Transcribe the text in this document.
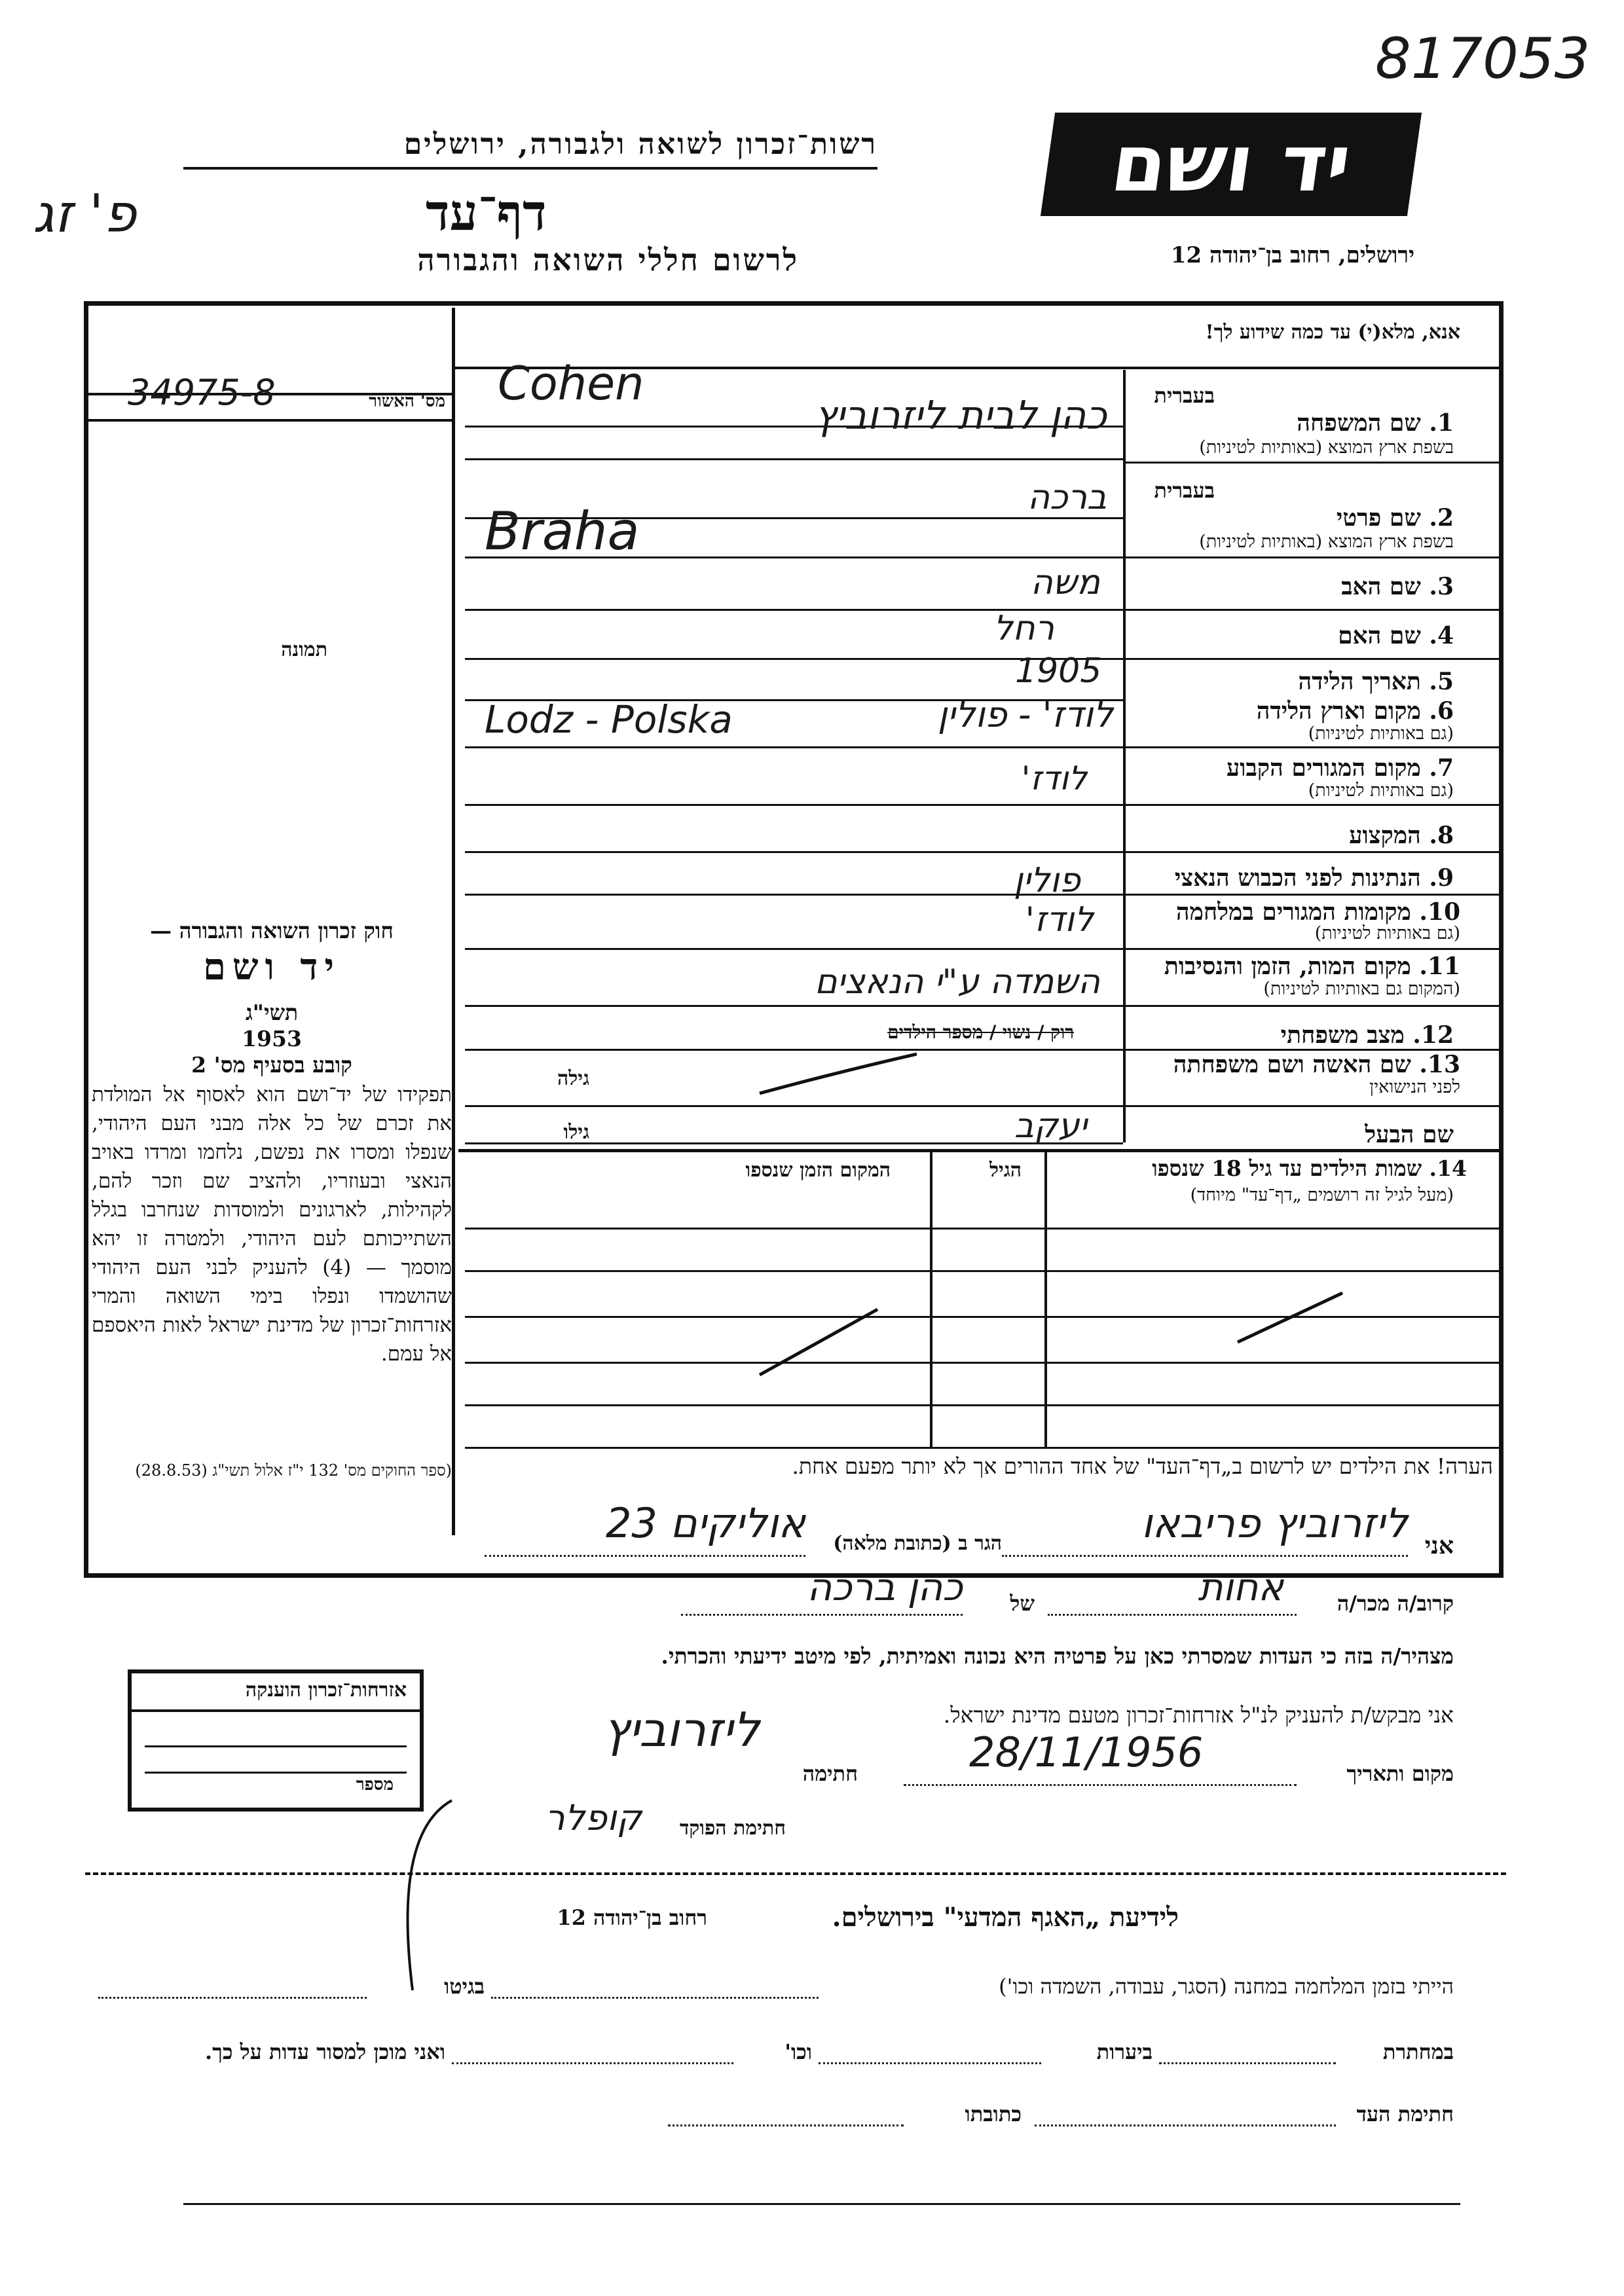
817053
פ' זג
רשות־זכרון לשואה ולגבורה, ירושלים
דף־עד
לרשום חללי השואה והגבורה
יד ושם
ירושלים, רחוב בן־יהודה 12
אנא, מלא(י) עד כמה שידוע לך!
מס' האשור
34975-8
תמונה
בעברית
1. שם המשפחה
בשפת ארץ המוצא (באותיות לטיניות)
בעברית
2. שם פרטי
בשפת ארץ המוצא (באותיות לטיניות)
3. שם האב
4. שם האם
5. תאריך הלידה
6. מקום וארץ הלידה
(גם באותיות לטיניות)
7. מקום המגורים הקבוע
(גם באותיות לטיניות)
8. המקצוע
9. הנתינות לפני הכבוש הנאצי
10. מקומות המגורים במלחמה
(גם באותיות לטיניות)
11. מקום המות, הזמן והנסיבות
(המקום גם באותיות לטיניות)
12. מצב משפחתי
13. שם האשה ושם משפחתה
לפני הנישואין
שם הבעל
Cohen
כהן לבית ליזרוביץ
ברכה
Braha
משה
רחל
1905
Lodz - Polska	לודז' - פולין
לודז'
פולין
לודז'
השמדה ע"י הנאצים
יעקב
רוק / נשוי / מספר הילדים
גילה
גילו
14. שמות הילדים עד גיל 18 שנספו
(מעל לגיל זה רושמים „דף־עד" מיוחד)
הגיל
המקום הזמן שנספו
הערה! את הילדים יש לרשום ב„דף־העד" של אחד ההורים אך לא יותר מפעם אחת.
חוק זכרון השואה והגבורה —
יד ושם
תשי"ג
1953
קובע בסעיף מס' 2
תפקידו של יד־ושם הוא לאסוף אל המולדת את זכרם של כל אלה מבני העם היהודי, שנפלו ומסרו את נפשם, נלחמו ומרדו באויב הנאצי ובעוזריו, ולהציב שם וזכר להם, לקהילות, לארגונים ולמוסדות שנחרבו בגלל השתייכותם לעם היהודי, ולמטרה זו יהא מוסמך — (4) להעניק לבני העם היהודי שהושמדו ונפלו בימי השואה והמרי אזרחות־זכרון של מדינת ישראל לאות היאספם אל עמם.
(ספר החוקים מס' 132 י"ז אלול תשי"ג (28.8.53)
אני
ליזרוביץ פריבאו
הגר ב (כתובת מלאה)
אוליקים 23
קרוב/ה מכר/ה
אחות
של
כהן ברכה
מצהיר/ה בזה כי העדות שמסרתי כאן על פרטיה היא נכונה ואמיתית, לפי מיטב ידיעתי והכרתי.
אני מבקש/ת להעניק לנ"ל אזרחות־זכרון מטעם מדינת ישראל.
מקום ותאריך
28/11/1956
חתימה
ליזרוביץ
חתימת הפוקד
קופלר
אזרחות־זכרון הוענקה
מספר
לידיעת „האגף המדעי" בירושלים.
רחוב בן־יהודה 12
הייתי בזמן המלחמה במחנה (הסגר, עבודה, השמדה וכו')
בגיטו
במחתרת
ביערות
וכו'
ואני מוכן למסור עדות על כך.
חתימת העד
כתובתו
